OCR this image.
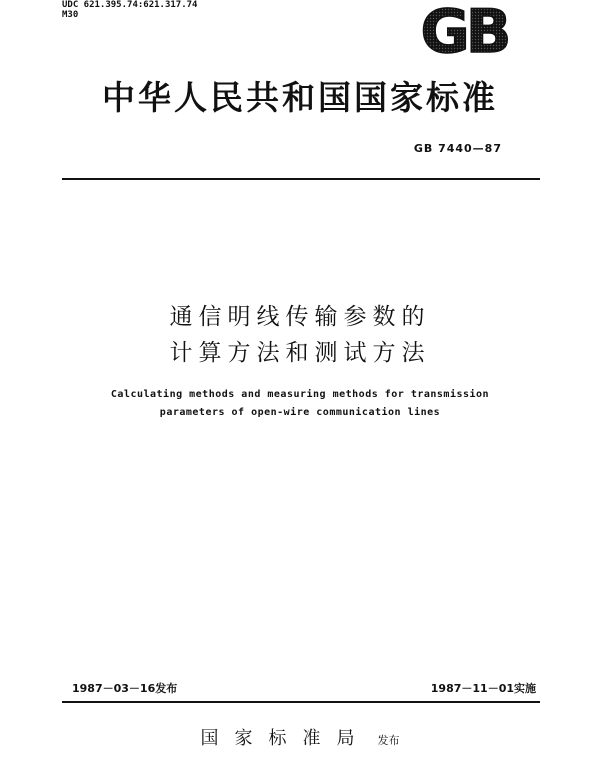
UDC 621.395.74:621.317.74
M30	GB
中华人民共和国国家标准
GB 7440—87
通信明线传输参数的
计算方法和测试方法
Calculating methods and measuring methods for transmission
parameters of open-wire communication lines
1987－03－16发布	1987－11－01实施
国家标准局 发布
